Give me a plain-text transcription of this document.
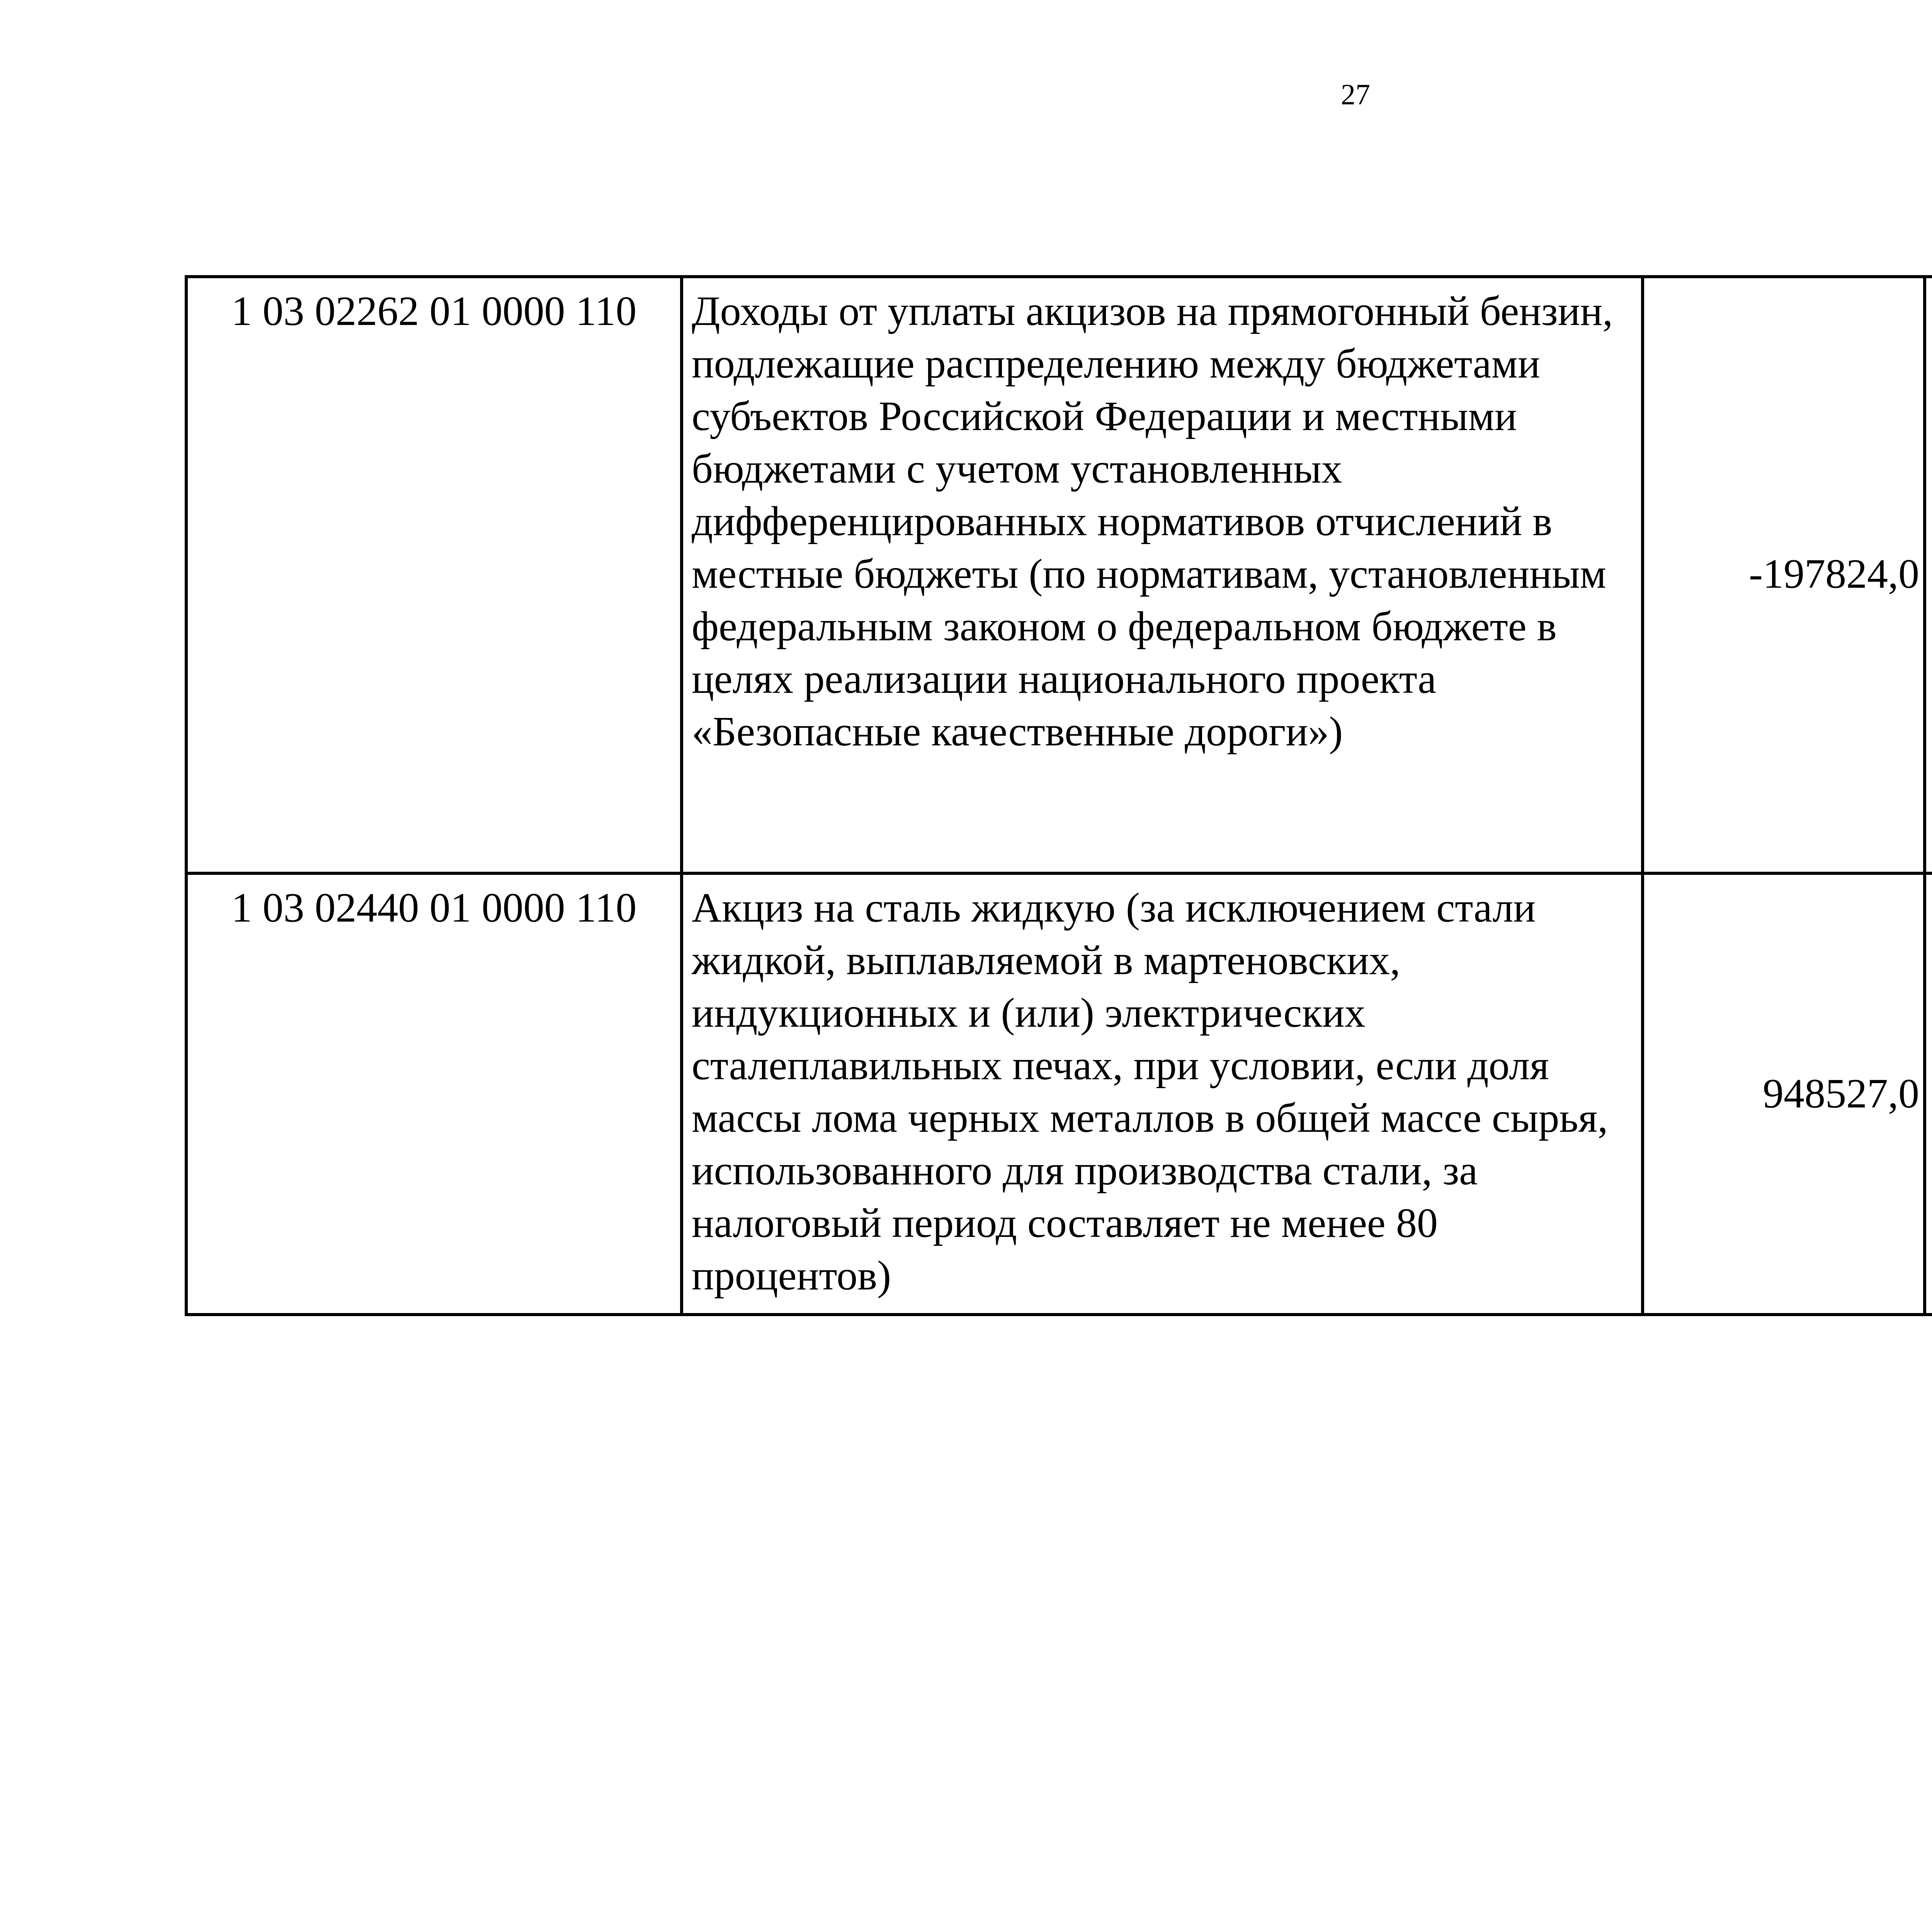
27
1 03 02262 01 0000 110	Доходы от уплаты акцизов на прямогонный бензин, подлежащие распределению между бюджетами субъектов Российской Федерации и местными бюджетами с учетом установленных дифференцированных нормативов отчислений в местные бюджеты (по нормативам, установленным федеральным законом о федеральном бюджете в целях реализации национального проекта «Безопасные качественные дороги»)	-197824,0		
1 03 02440 01 0000 110	Акциз на сталь жидкую (за исключением стали жидкой, выплавляемой в мартеновских, индукционных и (или) электрических сталеплавильных печах, при условии, если доля массы лома черных металлов в общей массе сырья, использованного для производства стали, за налоговый период составляет не менее 80 процентов)	948527,0		
